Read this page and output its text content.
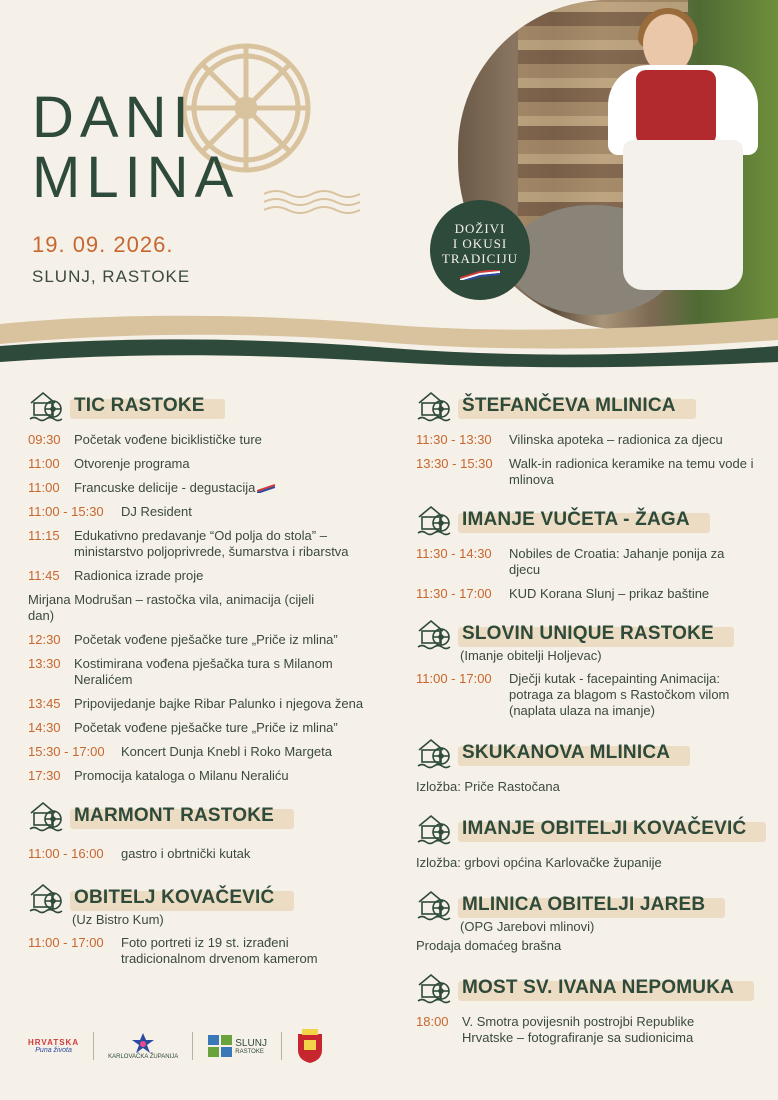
DANI
MLINA
19. 09. 2026.
SLUNJ, RASTOKE
DOŽIVI
I OKUSI
TRADICIJU
TIC RASTOKE
09:30	Početak vođene biciklističke ture
11:00	Otvorenje programa
11:00	Francuske delicije - degustacija
11:00 - 15:30	DJ Resident
11:15	Edukativno predavanje “Od polja do stola” – ministarstvo poljoprivrede, šumarstva i ribarstva
11:45	Radionica izrade proje
Mirjana Modrušan – rastočka vila, animacija (cijeli dan)
12:30	Početak vođene pješačke ture „Priče iz mlina”
13:30	Kostimirana vođena pješačka tura s Milanom Neralićem
13:45	Pripovijedanje bajke Ribar Palunko i njegova žena
14:30	Početak vođene pješačke ture „Priče iz mlina”
15:30 - 17:00	Koncert Dunja Knebl i Roko Margeta
17:30	Promocija kataloga o Milanu Neraliću
MARMONT RASTOKE
11:00 - 16:00	gastro i obrtnički kutak
OBITELJ KOVAČEVIĆ
(Uz Bistro Kum)
11:00 - 17:00	Foto portreti iz 19 st. izrađeni tradicionalnom drvenom kamerom
ŠTEFANČEVA MLINICA
11:30 - 13:30	Vilinska apoteka – radionica za djecu
13:30 - 15:30	Walk-in radionica keramike na temu vode i mlinova
IMANJE VUČETA - ŽAGA
11:30 - 14:30	Nobiles de Croatia: Jahanje ponija za djecu
11:30 - 17:00	KUD Korana Slunj – prikaz baštine
SLOVIN UNIQUE RASTOKE
(Imanje obitelji Holjevac)
11:00 - 17:00	Dječji kutak - facepainting Animacija: potraga za blagom s Rastočkom vilom (naplata ulaza na imanje)
SKUKANOVA MLINICA
Izložba: Priče Rastočana
IMANJE OBITELJI KOVAČEVIĆ
Izložba: grbovi općina Karlovačke županije
MLINICA OBITELJI JAREB
(OPG Jarebovi mlinovi)
Prodaja domaćeg brašna
MOST SV. IVANA NEPOMUKA
18:00	V. Smotra povijesnih postrojbi Republike Hrvatske – fotografiranje sa sudionicima
HRVATSKA
Puna života
KARLOVAČKA ŽUPANIJA
SLUNJ
RASTOKE
